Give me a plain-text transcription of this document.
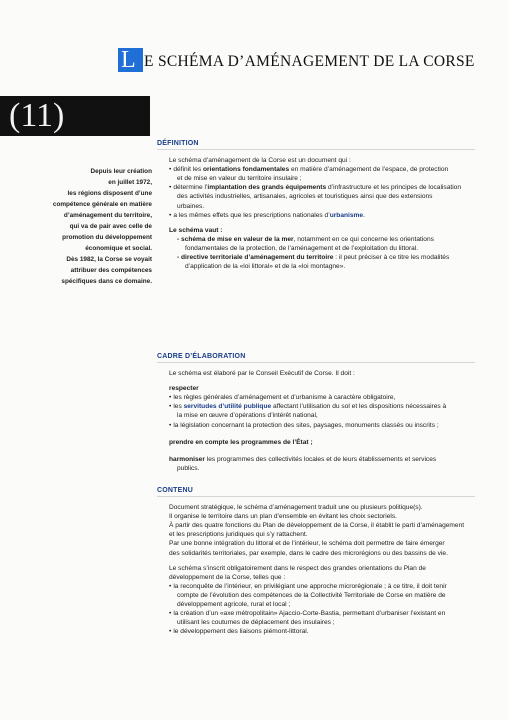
L E SCHÉMA D’AMÉNAGEMENT DE LA CORSE
(11)
Depuis leur création
en juillet 1972,
les régions disposent d’une
compétence générale en matière
d’aménagement du territoire,
qui va de pair avec celle de
promotion du développement
économique et social.
Dès 1982, la Corse se voyait
attribuer des compétences
spécifiques dans ce domaine.
DÉFINITION
Le schéma d’aménagement de la Corse est un document qui :
• définit les orientations fondamentales en matière d’aménagement de l’espace, de protection
et de mise en valeur du territoire insulaire ;
• détermine l’implantation des grands équipements d’infrastructure et les principes de localisation
des activités industrielles, artisanales, agricoles et touristiques ainsi que des extensions
urbaines.
• a les mêmes effets que les prescriptions nationales d’urbanisme.
Le schéma vaut :
- schéma de mise en valeur de la mer, notamment en ce qui concerne les orientations
fondamentales de la protection, de l’aménagement et de l’exploitation du littoral.
- directive territoriale d’aménagement du territoire : il peut préciser à ce titre les modalités
d’application de la «loi littoral» et de la «loi montagne».
CADRE D’ÉLABORATION
Le schéma est élaboré par le Conseil Exécutif de Corse. Il doit :
respecter
• les règles générales d’aménagement et d’urbanisme à caractère obligatoire,
• les servitudes d’utilité publique affectant l’utilisation du sol et les dispositions nécessaires à
la mise en œuvre d’opérations d’intérêt national,
• la législation concernant la protection des sites, paysages, monuments classés ou inscrits ;
prendre en compte les programmes de l’État ;
harmoniser les programmes des collectivités locales et de leurs établissements et services
publics.
CONTENU
Document stratégique, le schéma d’aménagement traduit une ou plusieurs politique(s).
Il organise le territoire dans un plan d’ensemble en évitant les choix sectoriels.
À partir des quatre fonctions du Plan de développement de la Corse, il établit le parti d’aménagement
et les prescriptions juridiques qui s’y rattachent.
Par une bonne intégration du littoral et de l’intérieur, le schéma doit permettre de faire émerger
des solidarités territoriales, par exemple, dans le cadre des microrégions ou des bassins de vie.
Le schéma s’inscrit obligatoirement dans le respect des grandes orientations du Plan de
développement de la Corse, telles que :
• la reconquête de l’intérieur, en privilégiant une approche microrégionale ; à ce titre, il doit tenir
compte de l’évolution des compétences de la Collectivité Territoriale de Corse en matière de
développement agricole, rural et local ;
• la création d’un «axe métropolitain» Ajaccio-Corte-Bastia, permettant d’urbaniser l’existant en
utilisant les coutumes de déplacement des insulaires ;
• le développement des liaisons piémont-littoral.
